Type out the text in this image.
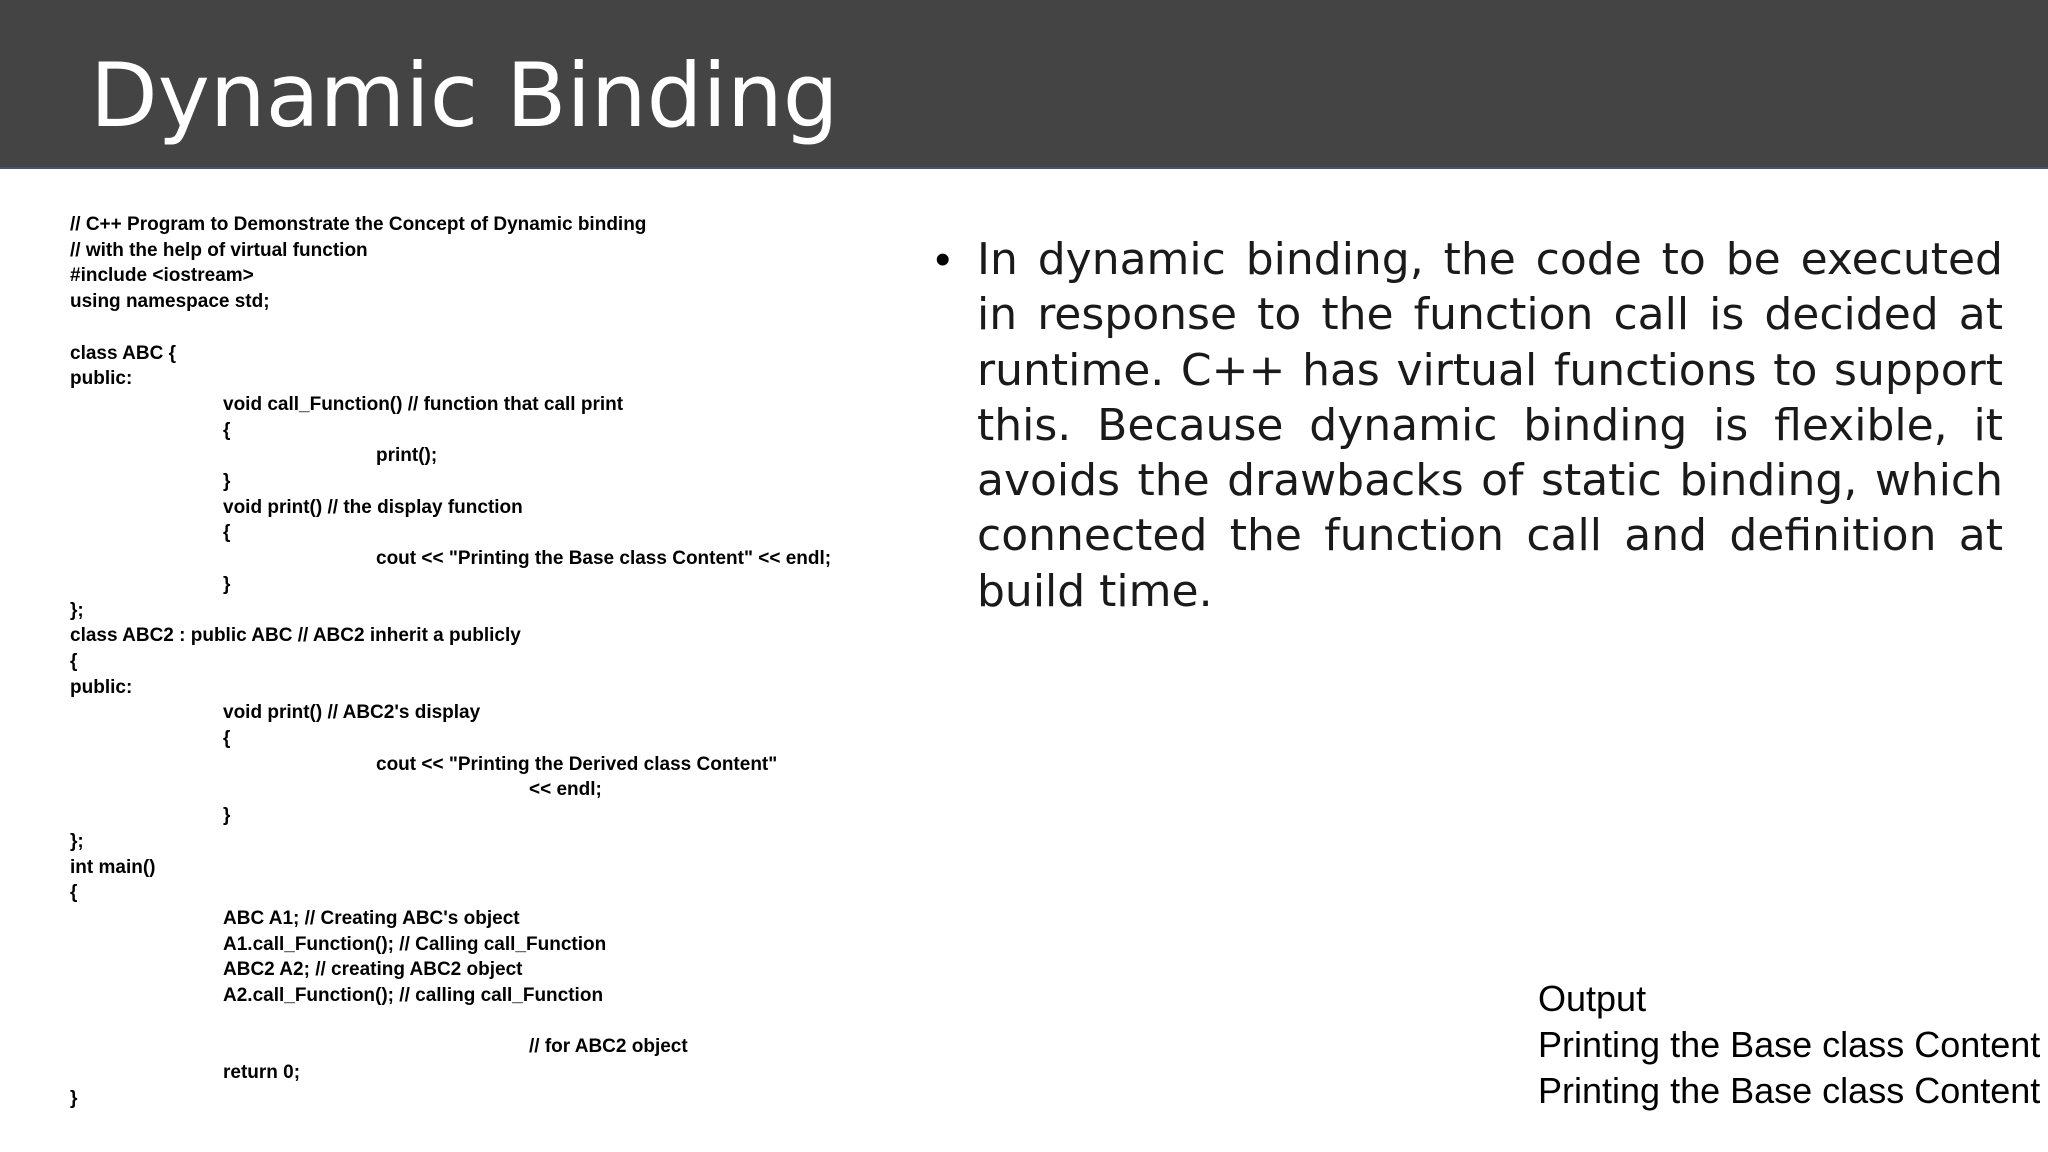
Dynamic Binding
// C++ Program to Demonstrate the Concept of Dynamic binding
// with the help of virtual function
#include <iostream>
using namespace std;
class ABC {
public:
void call_Function() // function that call print
{
print();
}
void print() // the display function
{
cout << "Printing the Base class Content" << endl;
}
};
class ABC2 : public ABC // ABC2 inherit a publicly
{
public:
void print() // ABC2's display
{
cout << "Printing the Derived class Content"
<< endl;
}
};
int main()
{
ABC A1; // Creating ABC's object
A1.call_Function(); // Calling call_Function
ABC2 A2; // creating ABC2 object
A2.call_Function(); // calling call_Function
// for ABC2 object
return 0;
}
• In dynamic binding, the code to be executed in response to the function call is decided at runtime. C++ has virtual functions to support this. Because dynamic binding is flexible, it avoids the drawbacks of static binding, which connected the function call and definition at build time.
Output
Printing the Base class Content
Printing the Base class Content
